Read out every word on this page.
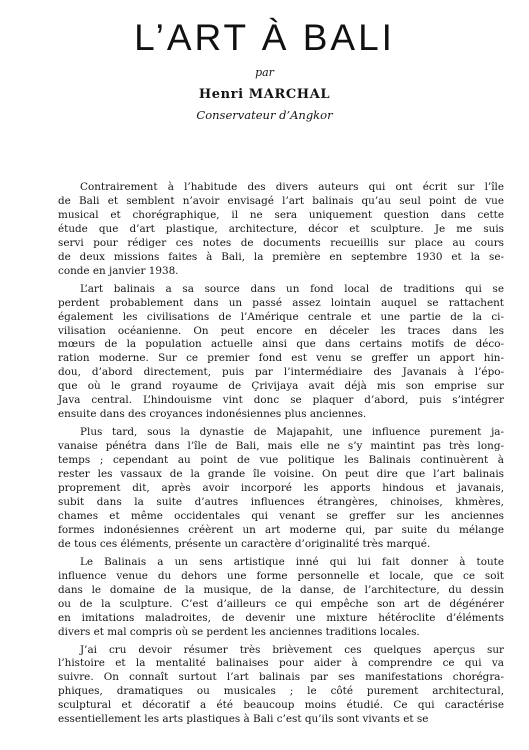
L’ART À BALI
par
Henri MARCHAL
Conservateur d’Angkor

Contrairement à l’habitude des divers auteurs qui ont écrit sur l’île
de Bali et semblent n’avoir envisagé l’art balinais qu’au seul point de vue
musical et chorégraphique, il ne sera uniquement question dans cette
étude que d’art plastique, architecture, décor et sculpture. Je me suis
servi pour rédiger ces notes de documents recueillis sur place au cours
de deux missions faites à Bali, la première en septembre 1930 et la se-
conde en janvier 1938.

L’art balinais a sa source dans un fond local de traditions qui se
perdent probablement dans un passé assez lointain auquel se rattachent
également les civilisations de l’Amérique centrale et une partie de la ci-
vilisation océanienne. On peut encore en déceler les traces dans les
mœurs de la population actuelle ainsi que dans certains motifs de déco-
ration moderne. Sur ce premier fond est venu se greffer un apport hin-
dou, d’abord directement, puis par l’intermédiaire des Javanais à l’épo-
que où le grand royaume de Çrivijaya avait déjà mis son emprise sur
Java central. L’hindouisme vint donc se plaquer d’abord, puis s’intégrer
ensuite dans des croyances indonésiennes plus anciennes.

Plus tard, sous la dynastie de Majapahit, une influence purement ja-
vanaise pénétra dans l’île de Bali, mais elle ne s’y maintint pas très long-
temps ; cependant au point de vue politique les Balinais continuèrent à
rester les vassaux de la grande île voisine. On peut dire que l’art balinais
proprement dit, après avoir incorporé les apports hindous et javanais,
subit dans la suite d’autres influences étrangères, chinoises, khmères,
chames et même occidentales qui venant se greffer sur les anciennes
formes indonésiennes créèrent un art moderne qui, par suite du mélange
de tous ces éléments, présente un caractère d’originalité très marqué.

Le Balinais a un sens artistique inné qui lui fait donner à toute
influence venue du dehors une forme personnelle et locale, que ce soit
dans le domaine de la musique, de la danse, de l’architecture, du dessin
ou de la sculpture. C’est d’ailleurs ce qui empêche son art de dégénérer
en imitations maladroites, de devenir une mixture hétéroclite d’éléments
divers et mal compris où se perdent les anciennes traditions locales.

J’ai cru devoir résumer très brièvement ces quelques aperçus sur
l’histoire et la mentalité balinaises pour aider à comprendre ce qui va
suivre. On connaît surtout l’art balinais par ses manifestations chorégra-
phiques, dramatiques ou musicales ; le côté purement architectural,
sculptural et décoratif a été beaucoup moins étudié. Ce qui caractérise
essentiellement les arts plastiques à Bali c’est qu’ils sont vivants et se
